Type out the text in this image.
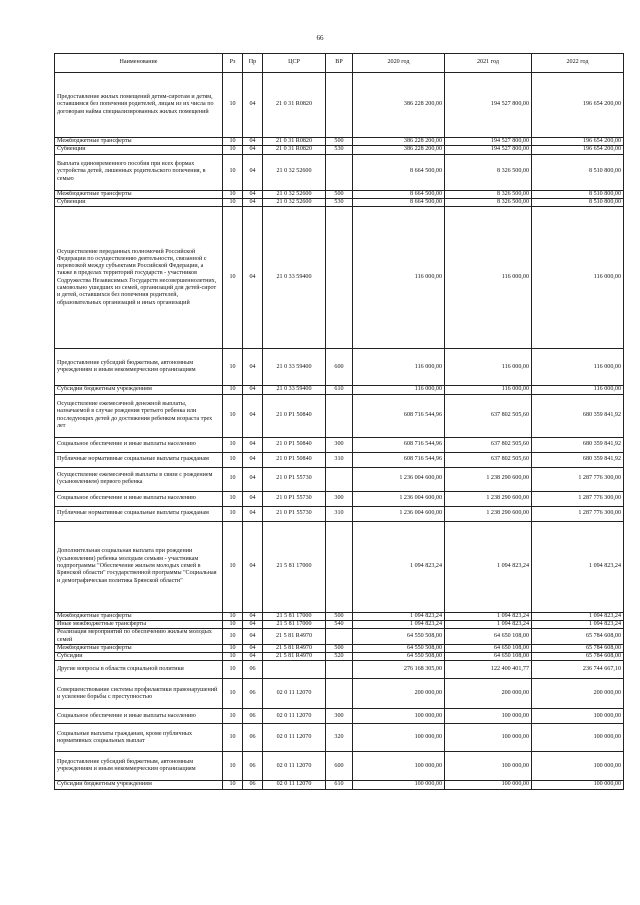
66
Наименование	Рз	Пр	ЦСР	ВР	2020 год	2021 год	2022 год
Предоставление жилых помещений детям-сиротам и детям, оставшимся без попечения родителей, лицам из их числа по договорам найма специализированных жилых помещений	10	04	21 0 31 R0820		386 228 200,00	194 527 800,00	196 654 200,00
Межбюджетные трансферты	10	04	21 0 31 R0820	500	386 228 200,00	194 527 800,00	196 654 200,00
Субвенции	10	04	21 0 31 R0820	530	386 228 200,00	194 527 800,00	196 654 200,00
Выплата единовременного пособия при всех формах устройства детей, лишенных родительского попечения, в семью	10	04	21 0 32 52600		8 664 500,00	8 326 500,00	8 510 800,00
Межбюджетные трансферты	10	04	21 0 32 52600	500	8 664 500,00	8 326 500,00	8 510 800,00
Субвенции	10	04	21 0 32 52600	530	8 664 500,00	8 326 500,00	8 510 800,00
Осуществление переданных полномочий Российской Федерации по осуществлению деятельности, связанной с перевозкой между субъектами Российской Федерации, а также в пределах территорий государств - участников Содружества Независимых Государств несовершеннолетних, самовольно ушедших из семей, организаций для детей-сирот и детей, оставшихся без попечения родителей, образовательных организаций и иных организаций	10	04	21 0 33 59400		116 000,00	116 000,00	116 000,00
Предоставление субсидий бюджетным, автономным учреждениям и иным некоммерческим организациям	10	04	21 0 33 59400	600	116 000,00	116 000,00	116 000,00
Субсидии бюджетным учреждениям	10	04	21 0 33 59400	610	116 000,00	116 000,00	116 000,00
Осуществление ежемесячной денежной выплаты, назначаемой в случае рождения третьего ребенка или последующих детей до достижения ребенком возраста трех лет	10	04	21 0 P1 50840		608 716 544,96	637 802 505,60	680 359 841,92
Социальное обеспечение и иные выплаты населению	10	04	21 0 P1 50840	300	608 716 544,96	637 802 505,60	680 359 841,92
Публичные нормативные социальные выплаты гражданам	10	04	21 0 P1 50840	310	608 716 544,96	637 802 505,60	680 359 841,92
Осуществление ежемесячной выплаты в связи с рождением (усыновлением) первого ребенка	10	04	21 0 P1 55730		1 236 004 600,00	1 238 290 600,00	1 287 776 300,00
Социальное обеспечение и иные выплаты населению	10	04	21 0 P1 55730	300	1 236 004 600,00	1 238 290 600,00	1 287 776 300,00
Публичные нормативные социальные выплаты гражданам	10	04	21 0 P1 55730	310	1 236 004 600,00	1 238 290 600,00	1 287 776 300,00
Дополнительная социальная выплата при рождении (усыновлении) ребенка молодым семьям - участникам подпрограммы "Обеспечение жильем молодых семей в Брянской области" государственной программы "Социальная и демографическая политика Брянской области"	10	04	21 5 81 17000		1 094 823,24	1 094 823,24	1 094 823,24
Межбюджетные трансферты	10	04	21 5 81 17000	500	1 094 823,24	1 094 823,24	1 094 823,24
Иные межбюджетные трансферты	10	04	21 5 81 17000	540	1 094 823,24	1 094 823,24	1 094 823,24
Реализация мероприятий по обеспечению жильем молодых семей	10	04	21 5 81 R4970		64 550 508,00	64 650 108,00	65 784 608,00
Межбюджетные трансферты	10	04	21 5 81 R4970	500	64 550 508,00	64 650 108,00	65 784 608,00
Субсидии	10	04	21 5 81 R4970	520	64 550 508,00	64 650 108,00	65 784 608,00
Другие вопросы в области социальной политики	10	06			276 168 305,00	122 400 401,77	236 744 667,10
Совершенствование системы профилактики правонарушений и усиление борьбы с преступностью	10	06	02 0 11 12070		200 000,00	200 000,00	200 000,00
Социальное обеспечение и иные выплаты населению	10	06	02 0 11 12070	300	100 000,00	100 000,00	100 000,00
Социальные выплаты гражданам, кроме публичных нормативных социальных выплат	10	06	02 0 11 12070	320	100 000,00	100 000,00	100 000,00
Предоставление субсидий бюджетным, автономным учреждениям и иным некоммерческим организациям	10	06	02 0 11 12070	600	100 000,00	100 000,00	100 000,00
Субсидии бюджетным учреждениям	10	06	02 0 11 12070	610	100 000,00	100 000,00	100 000,00
